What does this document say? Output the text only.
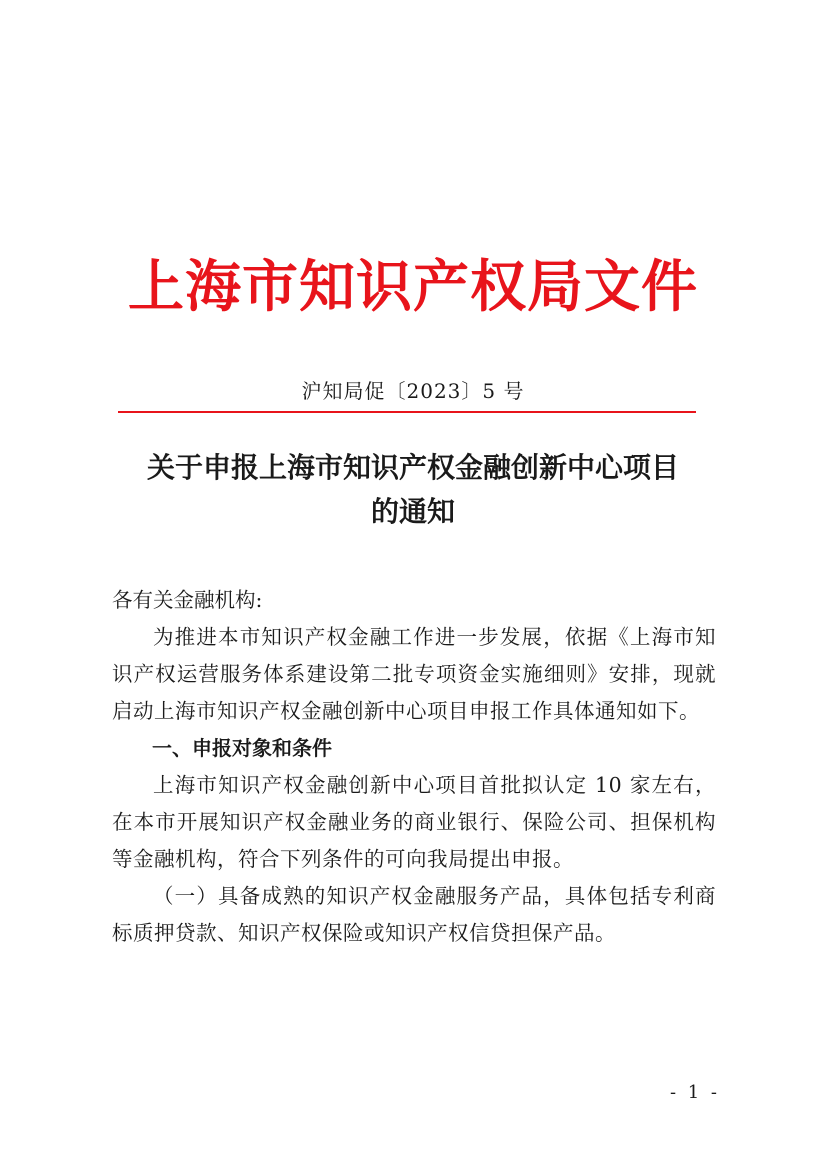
上海市知识产权局文件
沪知局促〔2023〕5 号
关于申报上海市知识产权金融创新中心项目
的通知

各有关金融机构:

为推进本市知识产权金融工作进一步发展，依据《上海市知识产权运营服务体系建设第二批专项资金实施细则》安排，现就启动上海市知识产权金融创新中心项目申报工作具体通知如下。

一、申报对象和条件

上海市知识产权金融创新中心项目首批拟认定 10 家左右，在本市开展知识产权金融业务的商业银行、保险公司、担保机构等金融机构，符合下列条件的可向我局提出申报。

（一）具备成熟的知识产权金融服务产品，具体包括专利商标质押贷款、知识产权保险或知识产权信贷担保产品。

- 1 -
